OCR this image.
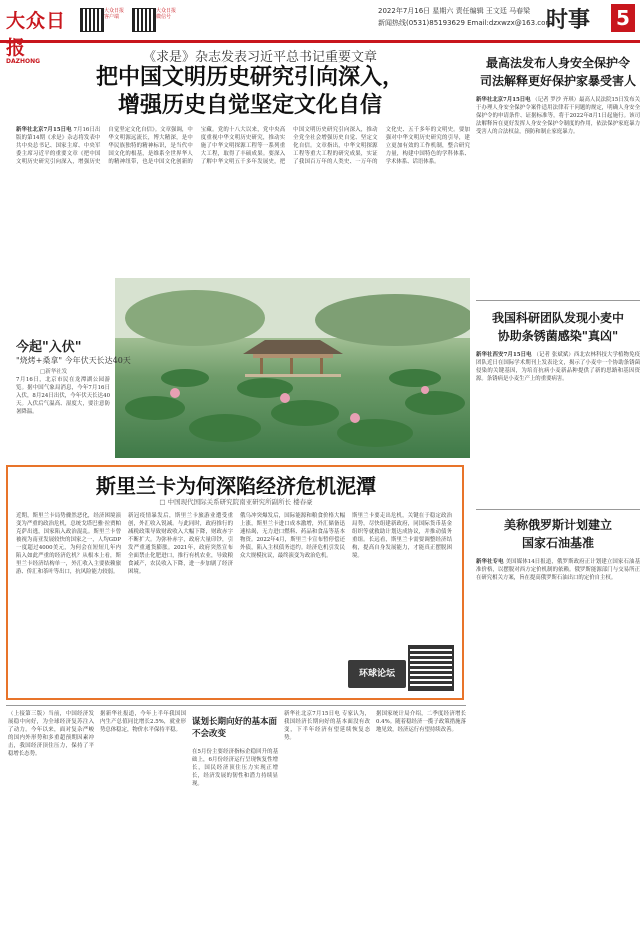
大众日报
DAZHONG
大众日报 客户端
大众日报 微信号
2022年7月16日 星期六 责任编辑 王文廷 马春梁
新闻热线(0531)85193629 Email:dzxwzx@163.com
时事 5
《求是》杂志发表习近平总书记重要文章
把中国文明历史研究引向深入，
增强历史自觉坚定文化自信
新华社北京7月15日电 7月16日出版的第14期《求是》杂志将发表中共中央总书记、国家主席、中央军委主席习近平的重要文章《把中国文明历史研究引向深入，增强历史自觉坚定文化自信》。文章强调，中华文明源远流长，博大精深，是中华民族独特的精神标识，是当代中国文化的根基，是维系全世界华人的精神纽带，也是中国文化创新的宝藏。党的十八大以来，党中央高度重视中华文明历史研究，推动实施了中华文明探源工程等一系列重大工程，取得了丰硕成果。要深入了解中华文明五千多年发展史，把中国文明历史研究引向深入，推动全党全社会增强历史自觉、坚定文化自信。文章指出，中华文明探源工程等重大工程的研究成果，实证了我国百万年的人类史、一万年的文化史、五千多年的文明史。要加强对中华文明历史研究的引导，建立更加有效的工作机制，整合研究力量，构建中国特色的学科体系、学术体系、话语体系。
今起"入伏"
"烧烤+桑拿" 今年伏天长达40天
□新华社发
7月16日，北京市民在龙潭湖公园游览。据中国气象局消息，今年7月16日入伏，8月24日出伏，今年伏天长达40天。入伏后气温高、湿度大，要注意防暑降温。
最高法发布人身安全保护令
司法解释更好保护家暴受害人
新华社北京7月15日电 （记者 罗沙 齐琪）最高人民法院15日发布关于办理人身安全保护令案件适用法律若干问题的规定，明确人身安全保护令的申请条件、证据标准等，将于2022年8月1日起施行。该司法解释旨在更好发挥人身安全保护令制度的作用，依法保护家庭暴力受害人的合法权益，预防和制止家庭暴力。
我国科研团队发现小麦中
协助条锈菌感染"真凶"
新华社西安7月15日电 （记者 张斌斌）西北农林科技大学植物免疫团队近日在国际学术期刊上发表论文，揭示了小麦中一个协助条锈菌侵染的关键基因，为培育抗病小麦新品种提供了新的思路和基因资源。条锈病是小麦生产上的重要病害。
美称俄罗斯计划建立
国家石油基准
新华社专电 美国媒体14日报道，俄罗斯政府正计划建立国家石油基准价格，以摆脱对西方定价机制的依赖。俄罗斯能源部门与交易所正在研究相关方案，旨在提高俄罗斯石油出口的定价自主权。
斯里兰卡为何深陷经济危机泥潭
□ 中国现代国际关系研究院南亚研究所副所长 楼春豪
近期，斯里兰卡局势骤然恶化，经济困境演变为严重的政治危机，总统戈塔巴雅·拉贾帕克萨出逃，国家陷入政治混乱。斯里兰卡曾被视为南亚发展较快的国家之一，人均GDP一度超过4000美元，为何会在短短几年内陷入如此严重的经济危机？从根本上看，斯里兰卡经济结构单一，外汇收入主要依赖旅游、侨汇和茶叶等出口，抗风险能力较弱。
新冠疫情暴发后，斯里兰卡旅游业遭受重创，外汇收入锐减。与此同时，政府推行的减税政策导致财政收入大幅下降，财政赤字不断扩大。为弥补赤字，政府大量印钞，引发严重通货膨胀。2021年，政府突然宣布全面禁止化肥进口，推行有机农业，导致粮食减产，农民收入下降，进一步加剧了经济困境。
俄乌冲突爆发后，国际能源和粮食价格大幅上涨，斯里兰卡进口成本激增，外汇储备迅速枯竭，无力进口燃料、药品和食品等基本物资。2022年4月，斯里兰卡宣布暂停偿还外债，陷入主权债务违约。经济危机引发民众大规模抗议，最终演变为政治危机。
斯里兰卡要走出危机，关键在于稳定政治局势，尽快组建新政府，同国际货币基金组织等就救助计划达成协议，并推动债务重组。长远看，斯里兰卡需要调整经济结构，提高自身发展能力，才能真正摆脱困境。
环球论坛
（上接第三版）当前，中国经济发展稳中向好，为全球经济复苏注入了动力。今年以来，面对复杂严峻的国内外形势和多重超预期因素冲击，我国经济顶住压力，保持了平稳增长态势。
据新华社报道，今年上半年我国国内生产总值同比增长2.5%，就业形势总体稳定，物价水平保持平稳。
谋划长期向好的基本面不会改变
在5月份主要经济指标企稳回升的基础上，6月份经济运行呈现恢复性增长，国民经济顶住压力实现正增长，经济发展的韧性和潜力持续显现。
新华社北京7月15日电 专家认为，我国经济长期向好的基本面没有改变，下半年经济有望延续恢复态势。
据国家统计局介绍，二季度经济增长0.4%。随着稳经济一揽子政策措施落地见效，经济运行有望持续改善。
